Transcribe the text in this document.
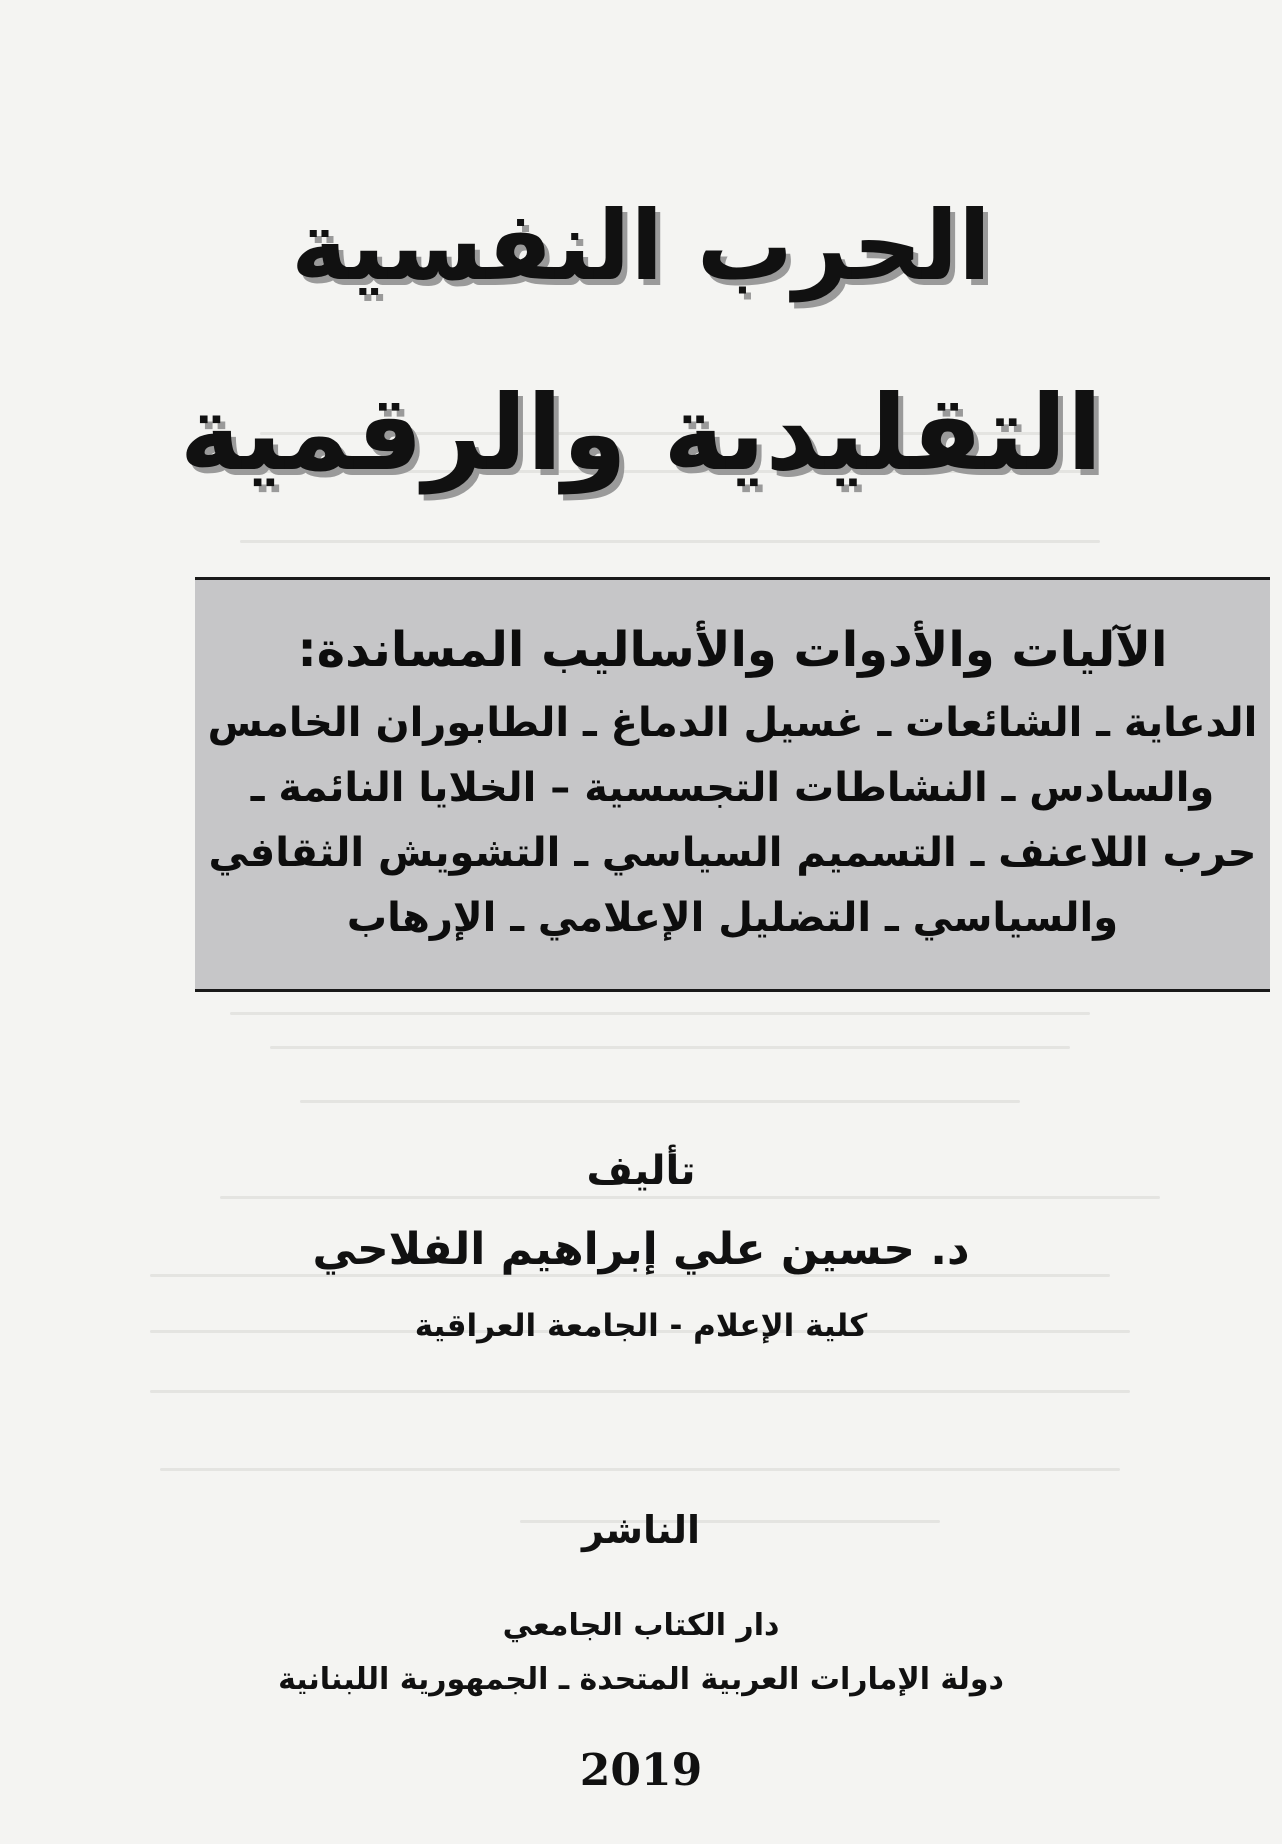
الحرب النفسية
التقليدية والرقمية
الآليات والأدوات والأساليب المساندة:
الدعاية ـ الشائعات ـ غسيل الدماغ ـ الطابوران الخامس
والسادس ـ النشاطات التجسسية – الخلايا النائمة ـ
حرب اللاعنف ـ التسميم السياسي ـ التشويش الثقافي
والسياسي ـ التضليل الإعلامي ـ الإرهاب
تأليف
د. حسين علي إبراهيم الفلاحي
كلية الإعلام - الجامعة العراقية
الناشر
دار الكتاب الجامعي
دولة الإمارات العربية المتحدة ـ الجمهورية اللبنانية
2019
